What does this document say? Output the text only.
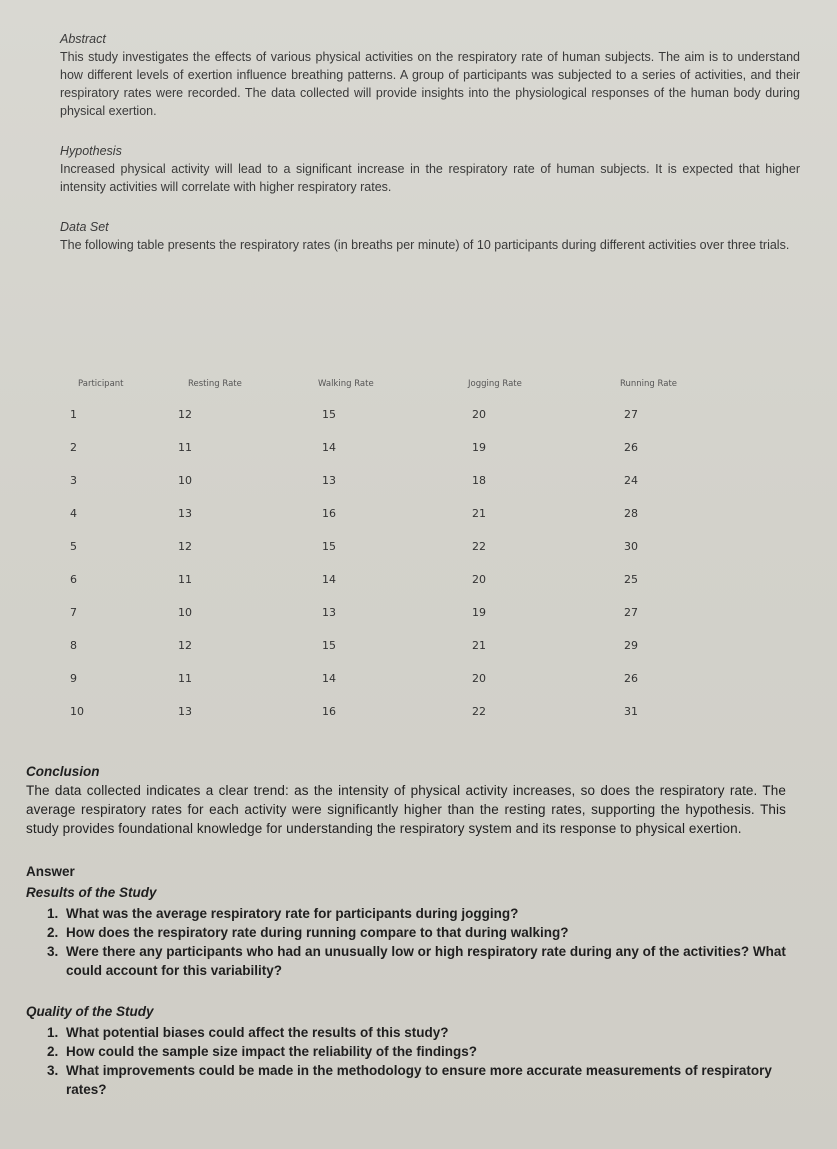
Abstract

This study investigates the effects of various physical activities on the respiratory rate of human subjects. The aim is to understand how different levels of exertion influence breathing patterns. A group of participants was subjected to a series of activities, and their respiratory rates were recorded. The data collected will provide insights into the physiological responses of the human body during physical exertion.

Hypothesis

Increased physical activity will lead to a significant increase in the respiratory rate of human subjects. It is expected that higher intensity activities will correlate with higher respiratory rates.

Data Set

The following table presents the respiratory rates (in breaths per minute) of 10 participants during different activities over three trials.

Participant	Resting Rate	Walking Rate	Jogging Rate	Running Rate
1	12	15	20	27
2	11	14	19	26
3	10	13	18	24
4	13	16	21	28
5	12	15	22	30
6	11	14	20	25
7	10	13	19	27
8	12	15	21	29
9	11	14	20	26
10	13	16	22	31
Conclusion

The data collected indicates a clear trend: as the intensity of physical activity increases, so does the respiratory rate. The average respiratory rates for each activity were significantly higher than the resting rates, supporting the hypothesis. This study provides foundational knowledge for understanding the respiratory system and its response to physical exertion.

Answer
Results of the Study
1. What was the average respiratory rate for participants during jogging?
2. How does the respiratory rate during running compare to that during walking?
3. Were there any participants who had an unusually low or high respiratory rate during any of the activities? What could account for this variability?
Quality of the Study
1. What potential biases could affect the results of this study?
2. How could the sample size impact the reliability of the findings?
3. What improvements could be made in the methodology to ensure more accurate measurements of respiratory rates?
